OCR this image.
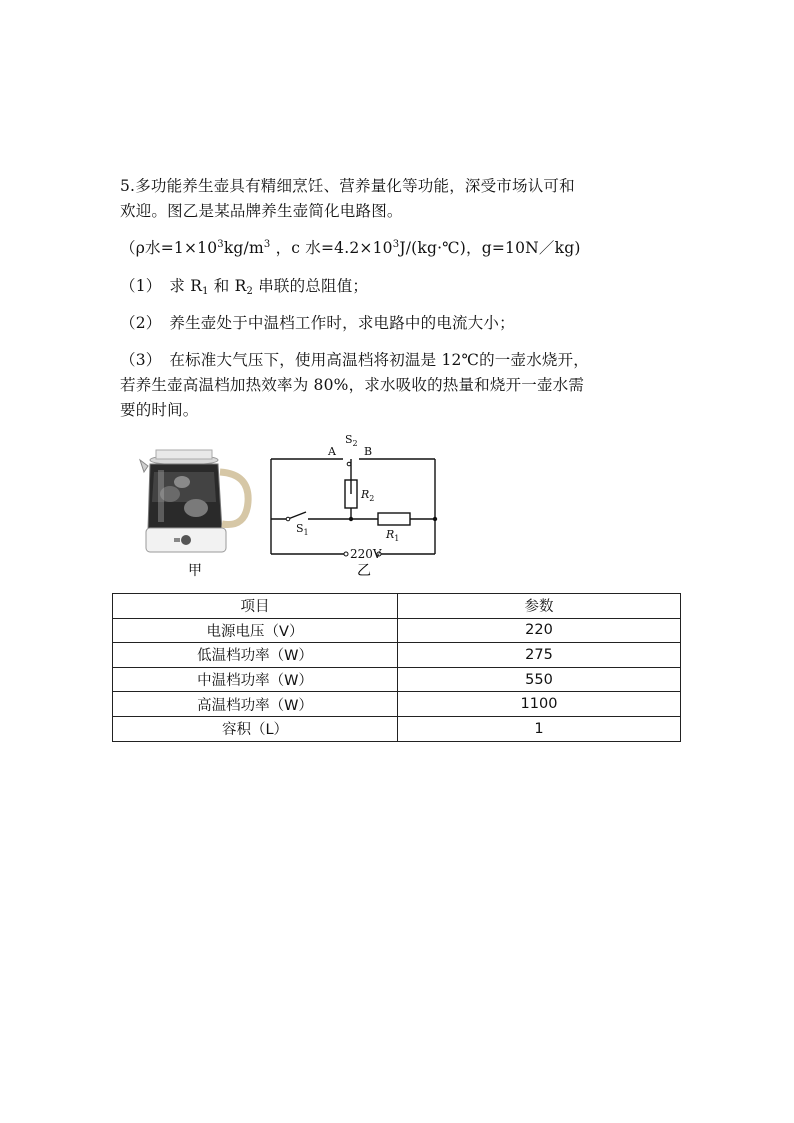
5.多功能养生壶具有精细烹饪、营养量化等功能，深受市场认可和
欢迎。图乙是某品牌养生壶简化电路图。
（ρ水$=1\times 10^3kg/m^3$ ，c 水$=4.2\times 10^3J/(kg\cdot℃)$，g=10N／kg)
（1）　求 R1 和 R2 串联的总阻值；
（2）　养生壶处于中温档工作时，求电路中的电流大小；
（3）　在标准大气压下，使用高温档将初温是 12℃的一壶水烧开，
若养生壶高温档加热效率为 80%，求水吸收的热量和烧开一壶水需
要的时间。
甲
A	B
$S_2$
$S_1$
$R_2$
$R_1$
220V
乙
项目	参数
电源电压（V）	220
低温档功率（W）	275
中温档功率（W）	550
高温档功率（W）	1100
容积（L）	1
